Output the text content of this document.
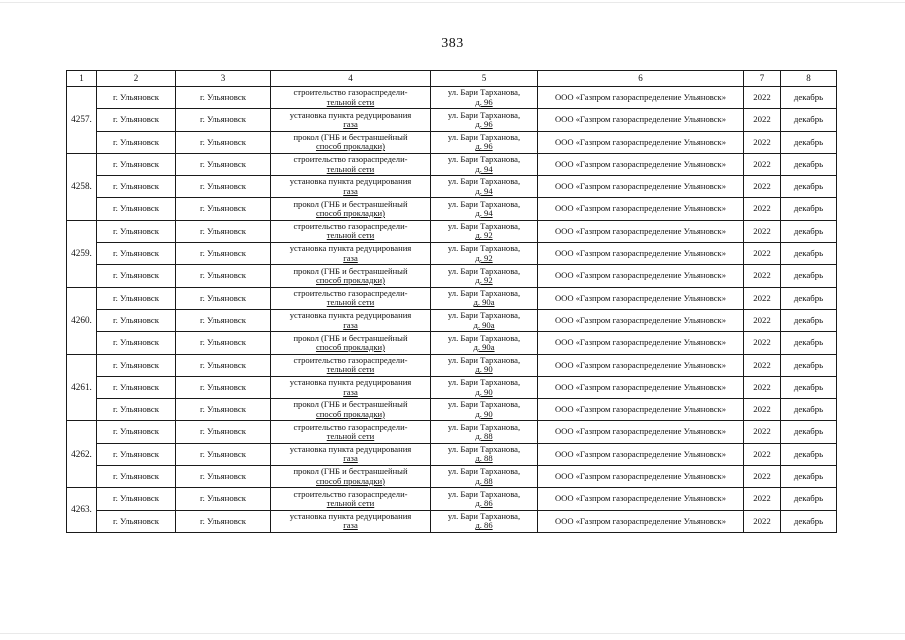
383
1	2	3	4	5	6	7	8
4257.	г. Ульяновск	г. Ульяновск	строительство газораспредели-
тельной сети	ул. Бари Тарханова,
д. 96	ООО «Газпром газораспределение Ульяновск»	2022	декабрь
	г. Ульяновск	г. Ульяновск	установка пункта редуцирования
газа	ул. Бари Тарханова,
д. 96	ООО «Газпром газораспределение Ульяновск»	2022	декабрь
	г. Ульяновск	г. Ульяновск	прокол (ГНБ и бестраншейный
способ прокладки)	ул. Бари Тарханова,
д. 96	ООО «Газпром газораспределение Ульяновск»	2022	декабрь
4258.	г. Ульяновск	г. Ульяновск	строительство газораспредели-
тельной сети	ул. Бари Тарханова,
д. 94	ООО «Газпром газораспределение Ульяновск»	2022	декабрь
	г. Ульяновск	г. Ульяновск	установка пункта редуцирования
газа	ул. Бари Тарханова,
д. 94	ООО «Газпром газораспределение Ульяновск»	2022	декабрь
	г. Ульяновск	г. Ульяновск	прокол (ГНБ и бестраншейный
способ прокладки)	ул. Бари Тарханова,
д. 94	ООО «Газпром газораспределение Ульяновск»	2022	декабрь
4259.	г. Ульяновск	г. Ульяновск	строительство газораспредели-
тельной сети	ул. Бари Тарханова,
д. 92	ООО «Газпром газораспределение Ульяновск»	2022	декабрь
	г. Ульяновск	г. Ульяновск	установка пункта редуцирования
газа	ул. Бари Тарханова,
д. 92	ООО «Газпром газораспределение Ульяновск»	2022	декабрь
	г. Ульяновск	г. Ульяновск	прокол (ГНБ и бестраншейный
способ прокладки)	ул. Бари Тарханова,
д. 92	ООО «Газпром газораспределение Ульяновск»	2022	декабрь
4260.	г. Ульяновск	г. Ульяновск	строительство газораспредели-
тельной сети	ул. Бари Тарханова,
д. 90а	ООО «Газпром газораспределение Ульяновск»	2022	декабрь
	г. Ульяновск	г. Ульяновск	установка пункта редуцирования
газа	ул. Бари Тарханова,
д. 90а	ООО «Газпром газораспределение Ульяновск»	2022	декабрь
	г. Ульяновск	г. Ульяновск	прокол (ГНБ и бестраншейный
способ прокладки)	ул. Бари Тарханова,
д. 90а	ООО «Газпром газораспределение Ульяновск»	2022	декабрь
4261.	г. Ульяновск	г. Ульяновск	строительство газораспредели-
тельной сети	ул. Бари Тарханова,
д. 90	ООО «Газпром газораспределение Ульяновск»	2022	декабрь
	г. Ульяновск	г. Ульяновск	установка пункта редуцирования
газа	ул. Бари Тарханова,
д. 90	ООО «Газпром газораспределение Ульяновск»	2022	декабрь
	г. Ульяновск	г. Ульяновск	прокол (ГНБ и бестраншейный
способ прокладки)	ул. Бари Тарханова,
д. 90	ООО «Газпром газораспределение Ульяновск»	2022	декабрь
4262.	г. Ульяновск	г. Ульяновск	строительство газораспредели-
тельной сети	ул. Бари Тарханова,
д. 88	ООО «Газпром газораспределение Ульяновск»	2022	декабрь
	г. Ульяновск	г. Ульяновск	установка пункта редуцирования
газа	ул. Бари Тарханова,
д. 88	ООО «Газпром газораспределение Ульяновск»	2022	декабрь
	г. Ульяновск	г. Ульяновск	прокол (ГНБ и бестраншейный
способ прокладки)	ул. Бари Тарханова,
д. 88	ООО «Газпром газораспределение Ульяновск»	2022	декабрь
4263.	г. Ульяновск	г. Ульяновск	строительство газораспредели-
тельной сети	ул. Бари Тарханова,
д. 86	ООО «Газпром газораспределение Ульяновск»	2022	декабрь
	г. Ульяновск	г. Ульяновск	установка пункта редуцирования
газа	ул. Бари Тарханова,
д. 86	ООО «Газпром газораспределение Ульяновск»	2022	декабрь
